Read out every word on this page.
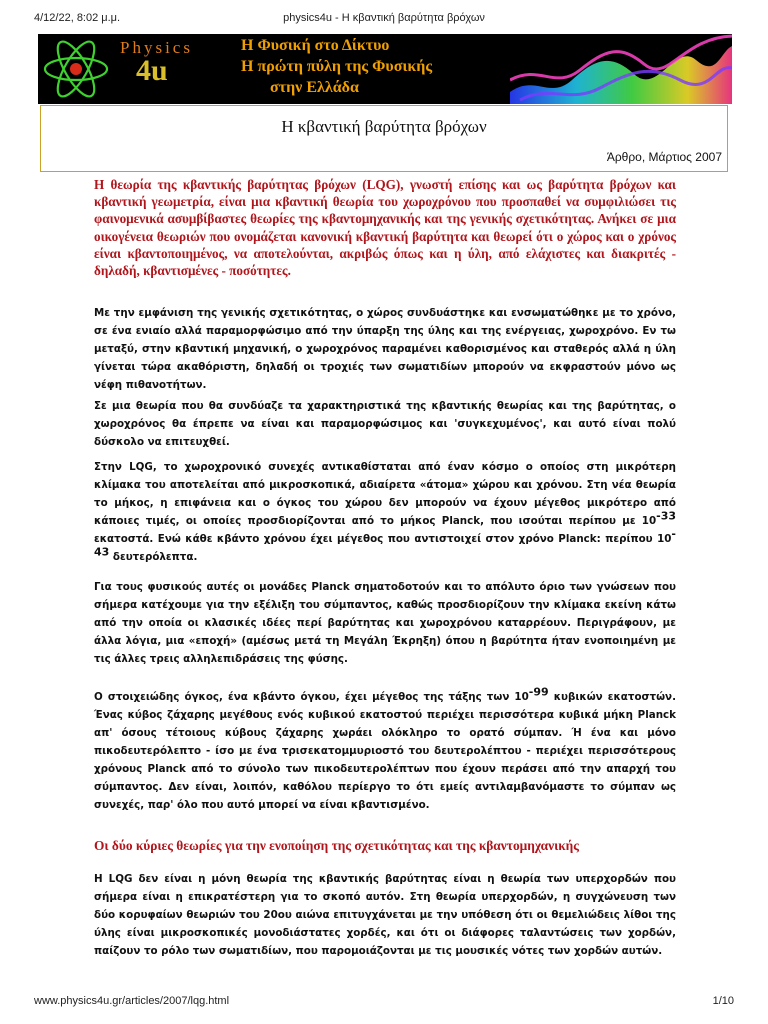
4/12/22, 8:02 μ.μ.	physics4u - Η κβαντική βαρύτητα βρόχων
Physics
4u
Η Φυσική στο Δίκτυο
Η πρώτη πύλη της Φυσικής
στην Ελλάδα
Η κβαντική βαρύτητα βρόχων
Άρθρο, Μάρτιος 2007

Η θεωρία της κβαντικής βαρύτητας βρόχων (LQG), γνωστή επίσης και ως βαρύτητα βρόχων και κβαντική γεωμετρία, είναι μια κβαντική θεωρία του χωροχρόνου που προσπαθεί να συμφιλιώσει τις φαινομενικά ασυμβίβαστες θεωρίες της κβαντομηχανικής και της γενικής σχετικότητας. Ανήκει σε μια οικογένεια θεωριών που ονομάζεται κανονική κβαντική βαρύτητα και θεωρεί ότι ο χώρος και ο χρόνος είναι κβαντοποιημένος, να αποτελούνται, ακριβώς όπως και η ύλη, από ελάχιστες και διακριτές - δηλαδή, κβαντισμένες - ποσότητες.

Με την εμφάνιση της γενικής σχετικότητας, ο χώρος συνδυάστηκε και ενσωματώθηκε με το χρόνο, σε ένα ενιαίο αλλά παραμορφώσιμο από την ύπαρξη της ύλης και της ενέργειας, χωροχρόνο. Εν τω μεταξύ, στην κβαντική μηχανική, ο χωροχρόνος παραμένει καθορισμένος και σταθερός αλλά η ύλη γίνεται τώρα ακαθόριστη, δηλαδή οι τροχιές των σωματιδίων μπορούν να εκφραστούν μόνο ως νέφη πιθανοτήτων.

Σε μια θεωρία που θα συνδύαζε τα χαρακτηριστικά της κβαντικής θεωρίας και της βαρύτητας, ο χωροχρόνος θα έπρεπε να είναι και παραμορφώσιμος και 'συγκεχυμένος', και αυτό είναι πολύ δύσκολο να επιτευχθεί.

Στην LQG, το χωροχρονικό συνεχές αντικαθίσταται από έναν κόσμο ο οποίος στη μικρότερη κλίμακα του αποτελείται από μικροσκοπικά, αδιαίρετα «άτομα» χώρου και χρόνου. Στη νέα θεωρία το μήκος, η επιφάνεια και ο όγκος του χώρου δεν μπορούν να έχουν μέγεθος μικρότερο από κάποιες τιμές, οι οποίες προσδιορίζονται από το μήκος Planck, που ισούται περίπου με $10^{-33}$ εκατοστά. Ενώ κάθε κβάντο χρόνου έχει μέγεθος που αντιστοιχεί στον χρόνο Planck: περίπου $10^{-43}$ δευτερόλεπτα.

Για τους φυσικούς αυτές οι μονάδες Planck σηματοδοτούν και το απόλυτο όριο των γνώσεων που σήμερα κατέχουμε για την εξέλιξη του σύμπαντος, καθώς προσδιορίζουν την κλίμακα εκείνη κάτω από την οποία οι κλασικές ιδέες περί βαρύτητας και χωροχρόνου καταρρέουν. Περιγράφουν, με άλλα λόγια, μια «εποχή» (αμέσως μετά τη Μεγάλη Έκρηξη) όπου η βαρύτητα ήταν ενοποιημένη με τις άλλες τρεις αλληλεπιδράσεις της φύσης.

Ο στοιχειώδης όγκος, ένα κβάντο όγκου, έχει μέγεθος της τάξης των $10^{-99}$ κυβικών εκατοστών. Ένας κύβος ζάχαρης μεγέθους ενός κυβικού εκατοστού περιέχει περισσότερα κυβικά μήκη Planck απ' όσους τέτοιους κύβους ζάχαρης χωράει ολόκληρο το ορατό σύμπαν. Ή ένα και μόνο πικοδευτερόλεπτο - ίσο με ένα τρισεκατομμυριοστό του δευτερολέπτου - περιέχει περισσότερους χρόνους Planck από το σύνολο των πικοδευτερολέπτων που έχουν περάσει από την απαρχή του σύμπαντος. Δεν είναι, λοιπόν, καθόλου περίεργο το ότι εμείς αντιλαμβανόμαστε το σύμπαν ως συνεχές, παρ' όλο που αυτό μπορεί να είναι κβαντισμένο.

Οι δύο κύριες θεωρίες για την ενοποίηση της σχετικότητας και της κβαντομηχανικής

Η LQG δεν είναι η μόνη θεωρία της κβαντικής βαρύτητας είναι η θεωρία των υπερχορδών που σήμερα είναι η επικρατέστερη για το σκοπό αυτόν. Στη θεωρία υπερχορδών, η συγχώνευση των δύο κορυφαίων θεωριών του 20ου αιώνα επιτυγχάνεται με την υπόθεση ότι οι θεμελιώδεις λίθοι της ύλης είναι μικροσκοπικές μονοδιάστατες χορδές, και ότι οι διάφορες ταλαντώσεις των χορδών, παίζουν το ρόλο των σωματιδίων, που παρομοιάζονται με τις μουσικές νότες των χορδών αυτών.

www.physics4u.gr/articles/2007/lqg.html	1/10
